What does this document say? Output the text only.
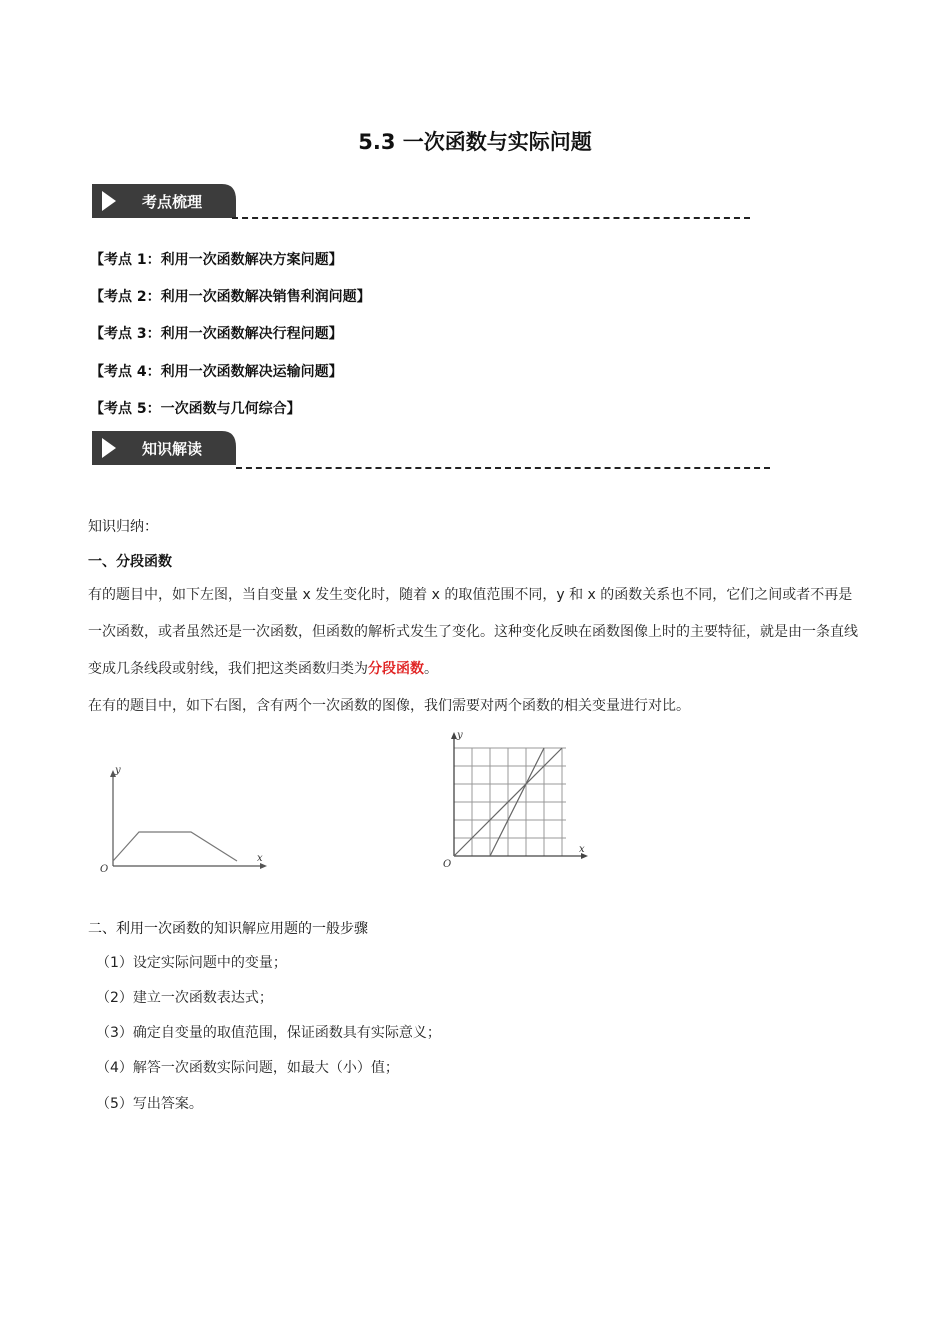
5.3 一次函数与实际问题
考点梳理
【考点 1：利用一次函数解决方案问题】
【考点 2：利用一次函数解决销售利润问题】
【考点 3：利用一次函数解决行程问题】
【考点 4：利用一次函数解决运输问题】
【考点 5：一次函数与几何综合】
知识解读
知识归纳：
一、分段函数

有的题目中，如下左图，当自变量 x 发生变化时，随着 x 的取值范围不同，y 和 x 的函数关系也不同，它们之间或者不再是一次函数，或者虽然还是一次函数，但函数的解析式发生了变化。这种变化反映在函数图像上时的主要特征，就是由一条直线变成几条线段或射线，我们把这类函数归类为分段函数。

在有的题目中，如下右图，含有两个一次函数的图像，我们需要对两个函数的相关变量进行对比。

y
x
O
y
x
O
二、利用一次函数的知识解应用题的一般步骤
（1）设定实际问题中的变量；
（2）建立一次函数表达式；
（3）确定自变量的取值范围，保证函数具有实际意义；
（4）解答一次函数实际问题，如最大（小）值；
（5）写出答案。
